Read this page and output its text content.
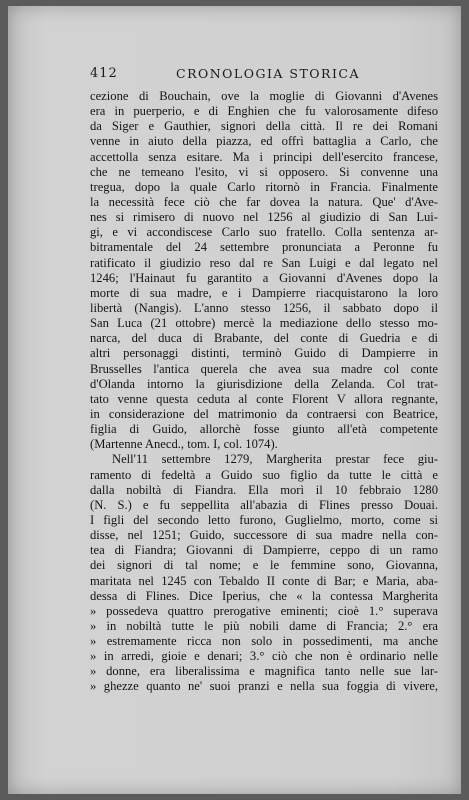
412	CRONOLOGIA STORICA
cezione di Bouchain, ove la moglie di Giovanni d'Avenes
era in puerperio, e di Enghien che fu valorosamente difeso
da Siger e Gauthier, signori della città. Il re dei Romani
venne in aiuto della piazza, ed offrì battaglia a Carlo, che
accettolla senza esitare. Ma i principi dell'esercito francese,
che ne temeano l'esito, vi si opposero. Si convenne una
tregua, dopo la quale Carlo ritornò in Francia. Finalmente
la necessità fece ciò che far dovea la natura. Que' d'Ave-
nes si rimisero di nuovo nel 1256 al giudizio di San Lui-
gi, e vi accondiscese Carlo suo fratello. Colla sentenza ar-
bitramentale del 24 settembre pronunciata a Peronne fu
ratificato il giudizio reso dal re San Luigi e dal legato nel
1246; l'Hainaut fu garantito a Giovanni d'Avenes dopo la
morte di sua madre, e i Dampierre riacquistarono la loro
libertà (Nangis). L'anno stesso 1256, il sabbato dopo il
San Luca (21 ottobre) mercè la mediazione dello stesso mo-
narca, del duca di Brabante, del conte di Guedria e di
altri personaggi distinti, terminò Guido di Dampierre in
Brusselles l'antica querela che avea sua madre col conte
d'Olanda intorno la giurisdizione della Zelanda. Col trat-
tato venne questa ceduta al conte Florent V allora regnante,
in considerazione del matrimonio da contraersi con Beatrice,
figlia di Guido, allorchè fosse giunto all'età competente
(Martenne Anecd., tom. I, col. 1074).
Nell'11 settembre 1279, Margherita prestar fece giu-
ramento di fedeltà a Guido suo figlio da tutte le città e
dalla nobiltà di Fiandra. Ella morì il 10 febbraio 1280
(N. S.) e fu seppellita all'abazia di Flines presso Douai.
I figli del secondo letto furono, Guglielmo, morto, come si
disse, nel 1251; Guido, successore di sua madre nella con-
tea di Fiandra; Giovanni di Dampierre, ceppo di un ramo
dei signori di tal nome; e le femmine sono, Giovanna,
maritata nel 1245 con Tebaldo II conte di Bar; e Maria, aba-
dessa di Flines. Dice Iperius, che « la contessa Margherita
» possedeva quattro prerogative eminenti; cioè 1.° superava
» in nobiltà tutte le più nobili dame di Francia; 2.° era
» estremamente ricca non solo in possedimenti, ma anche
» in arredi, gioie e denari; 3.° ciò che non è ordinario nelle
» donne, era liberalissima e magnifica tanto nelle sue lar-
» ghezze quanto ne' suoi pranzi e nella sua foggia di vivere,
